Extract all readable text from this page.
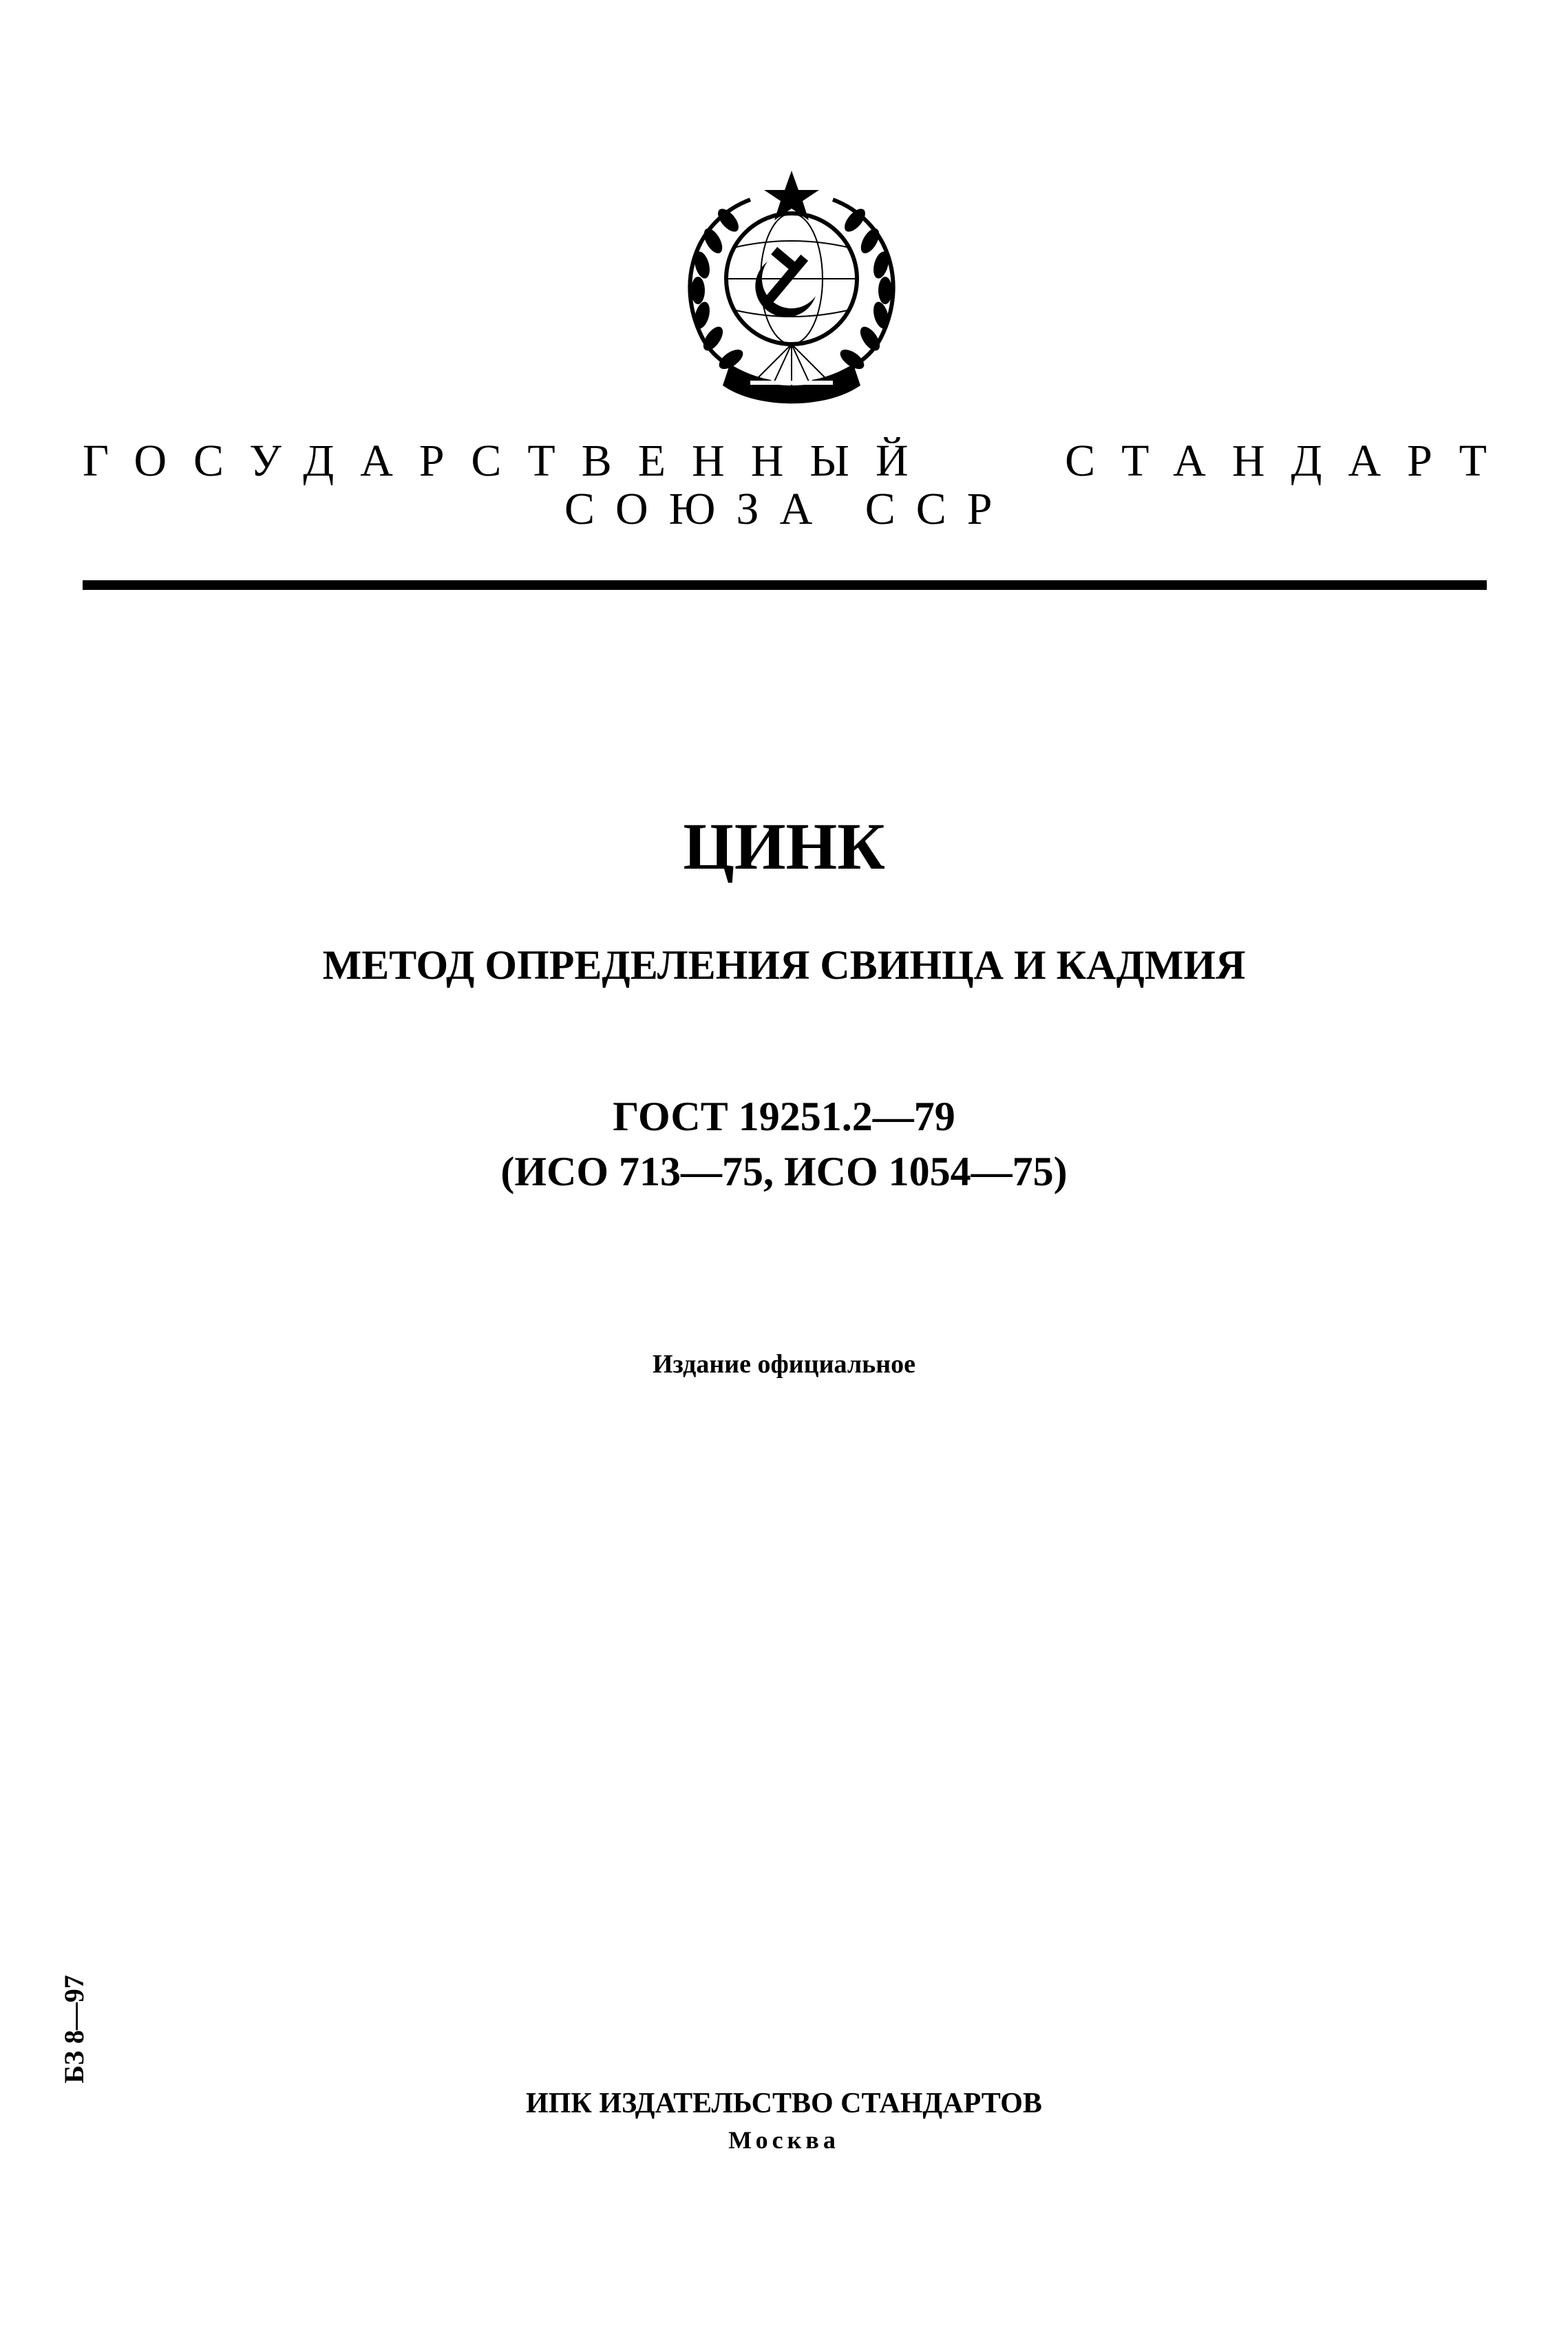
ГОСУДАРСТВЕННЫЙ	СТАНДАРТ
СОЮЗА ССР
ЦИНК
МЕТОД ОПРЕДЕЛЕНИЯ СВИНЦА И КАДМИЯ
ГОСТ 19251.2—79
(ИСО 713—75, ИСО 1054—75)
Издание официальное
БЗ 8—97
ИПК ИЗДАТЕЛЬСТВО СТАНДАРТОВ
Москва
